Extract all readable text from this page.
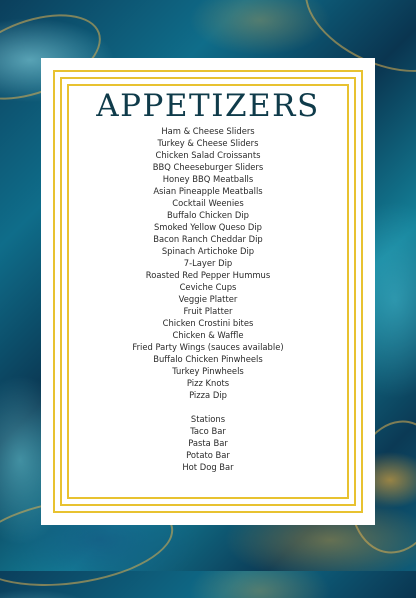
APPETIZERS
Ham & Cheese Sliders
Turkey & Cheese Sliders
Chicken Salad Croissants
BBQ Cheeseburger Sliders
Honey BBQ Meatballs
Asian Pineapple Meatballs
Cocktail Weenies
Buffalo Chicken Dip
Smoked Yellow Queso Dip
Bacon Ranch Cheddar Dip
Spinach Artichoke Dip
7-Layer Dip
Roasted Red Pepper Hummus
Ceviche Cups
Veggie Platter
Fruit Platter
Chicken Crostini bites
Chicken & Waffle
Fried Party Wings (sauces available)
Buffalo Chicken Pinwheels
Turkey Pinwheels
Pizz Knots
Pizza Dip
Stations
Taco Bar
Pasta Bar
Potato Bar
Hot Dog Bar
